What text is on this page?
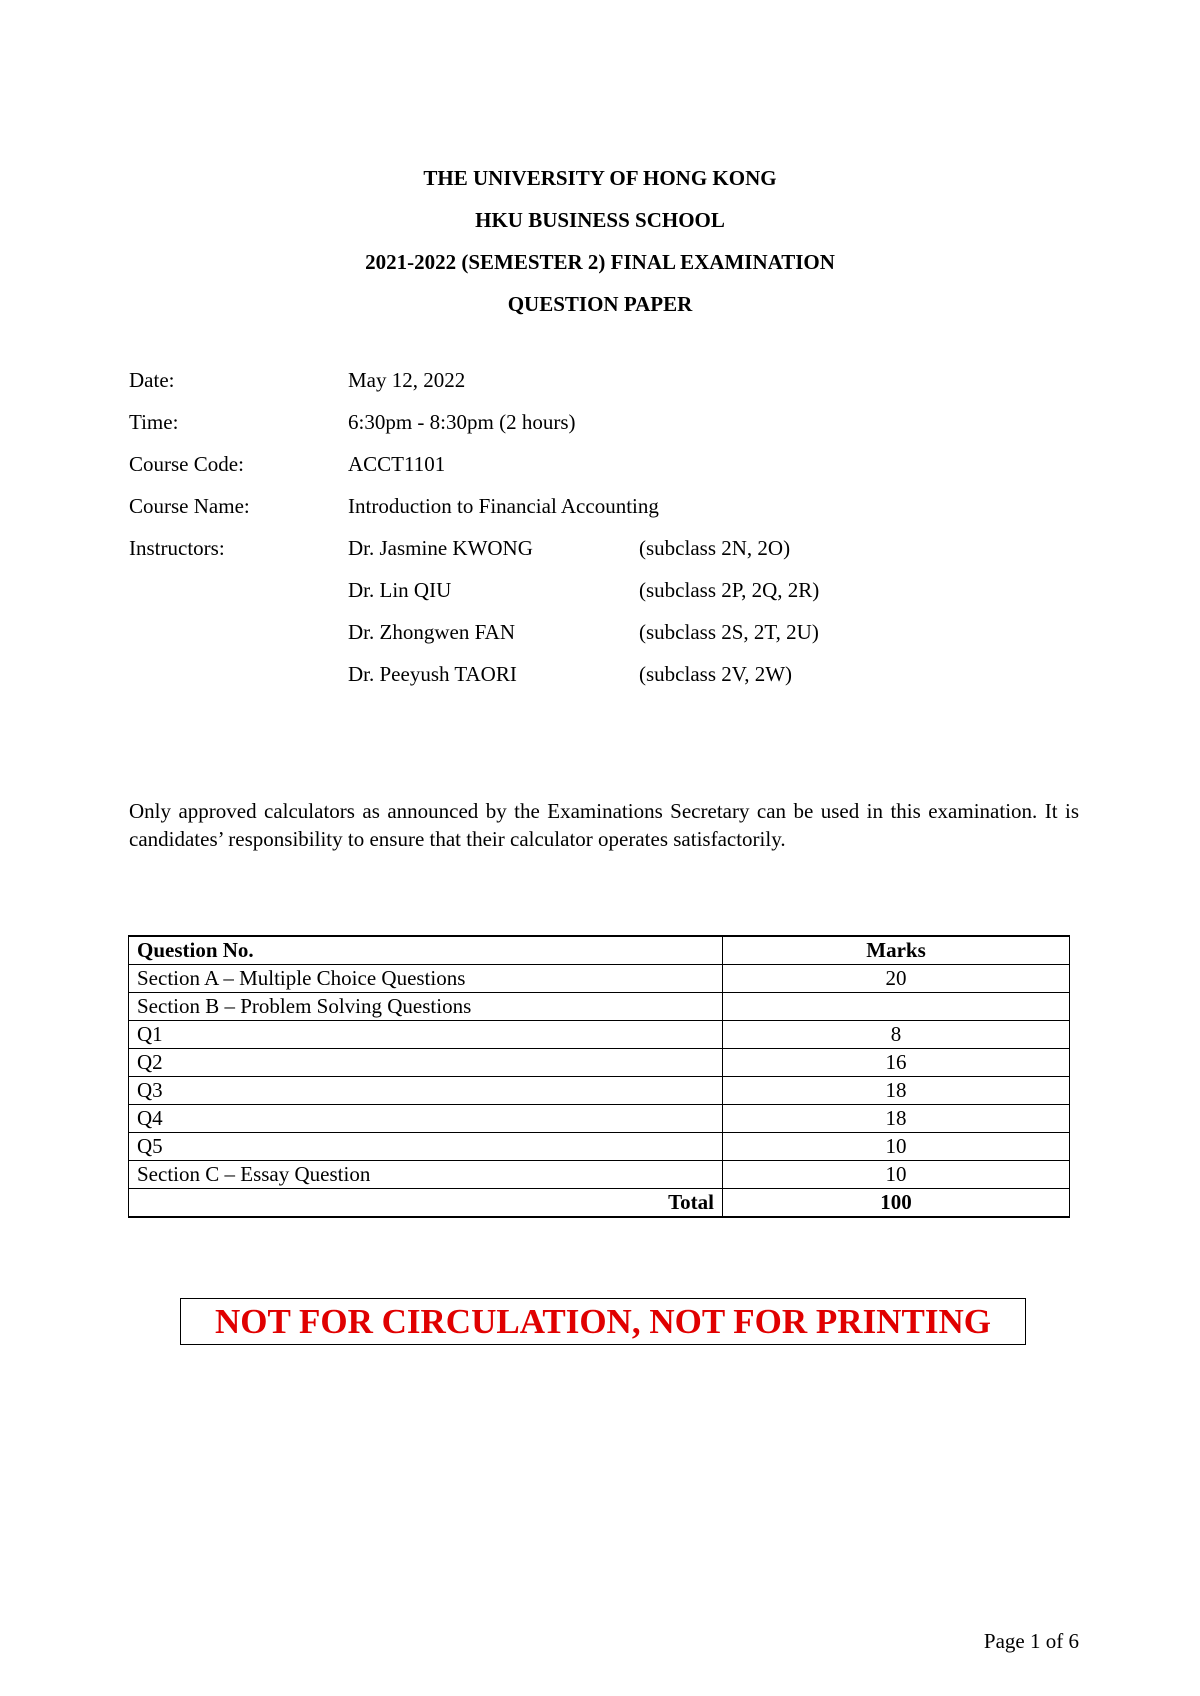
THE UNIVERSITY OF HONG KONG
HKU BUSINESS SCHOOL
2021-2022 (SEMESTER 2) FINAL EXAMINATION
QUESTION PAPER
Date:	May 12, 2022
Time:	6:30pm - 8:30pm (2 hours)
Course Code:	ACCT1101
Course Name:	Introduction to Financial Accounting
Instructors:	Dr. Jasmine KWONG	(subclass 2N, 2O)
Dr. Lin QIU	(subclass 2P, 2Q, 2R)
Dr. Zhongwen FAN	(subclass 2S, 2T, 2U)
Dr. Peeyush TAORI	(subclass 2V, 2W)
Only approved calculators as announced by the Examinations Secretary can be used in this examination. It is candidates’ responsibility to ensure that their calculator operates satisfactorily.
Question No.	Marks
Section A – Multiple Choice Questions	20
Section B – Problem Solving Questions	
Q1	8
Q2	16
Q3	18
Q4	18
Q5	10
Section C – Essay Question	10
Total	100
NOT FOR CIRCULATION, NOT FOR PRINTING
Page 1 of 6
